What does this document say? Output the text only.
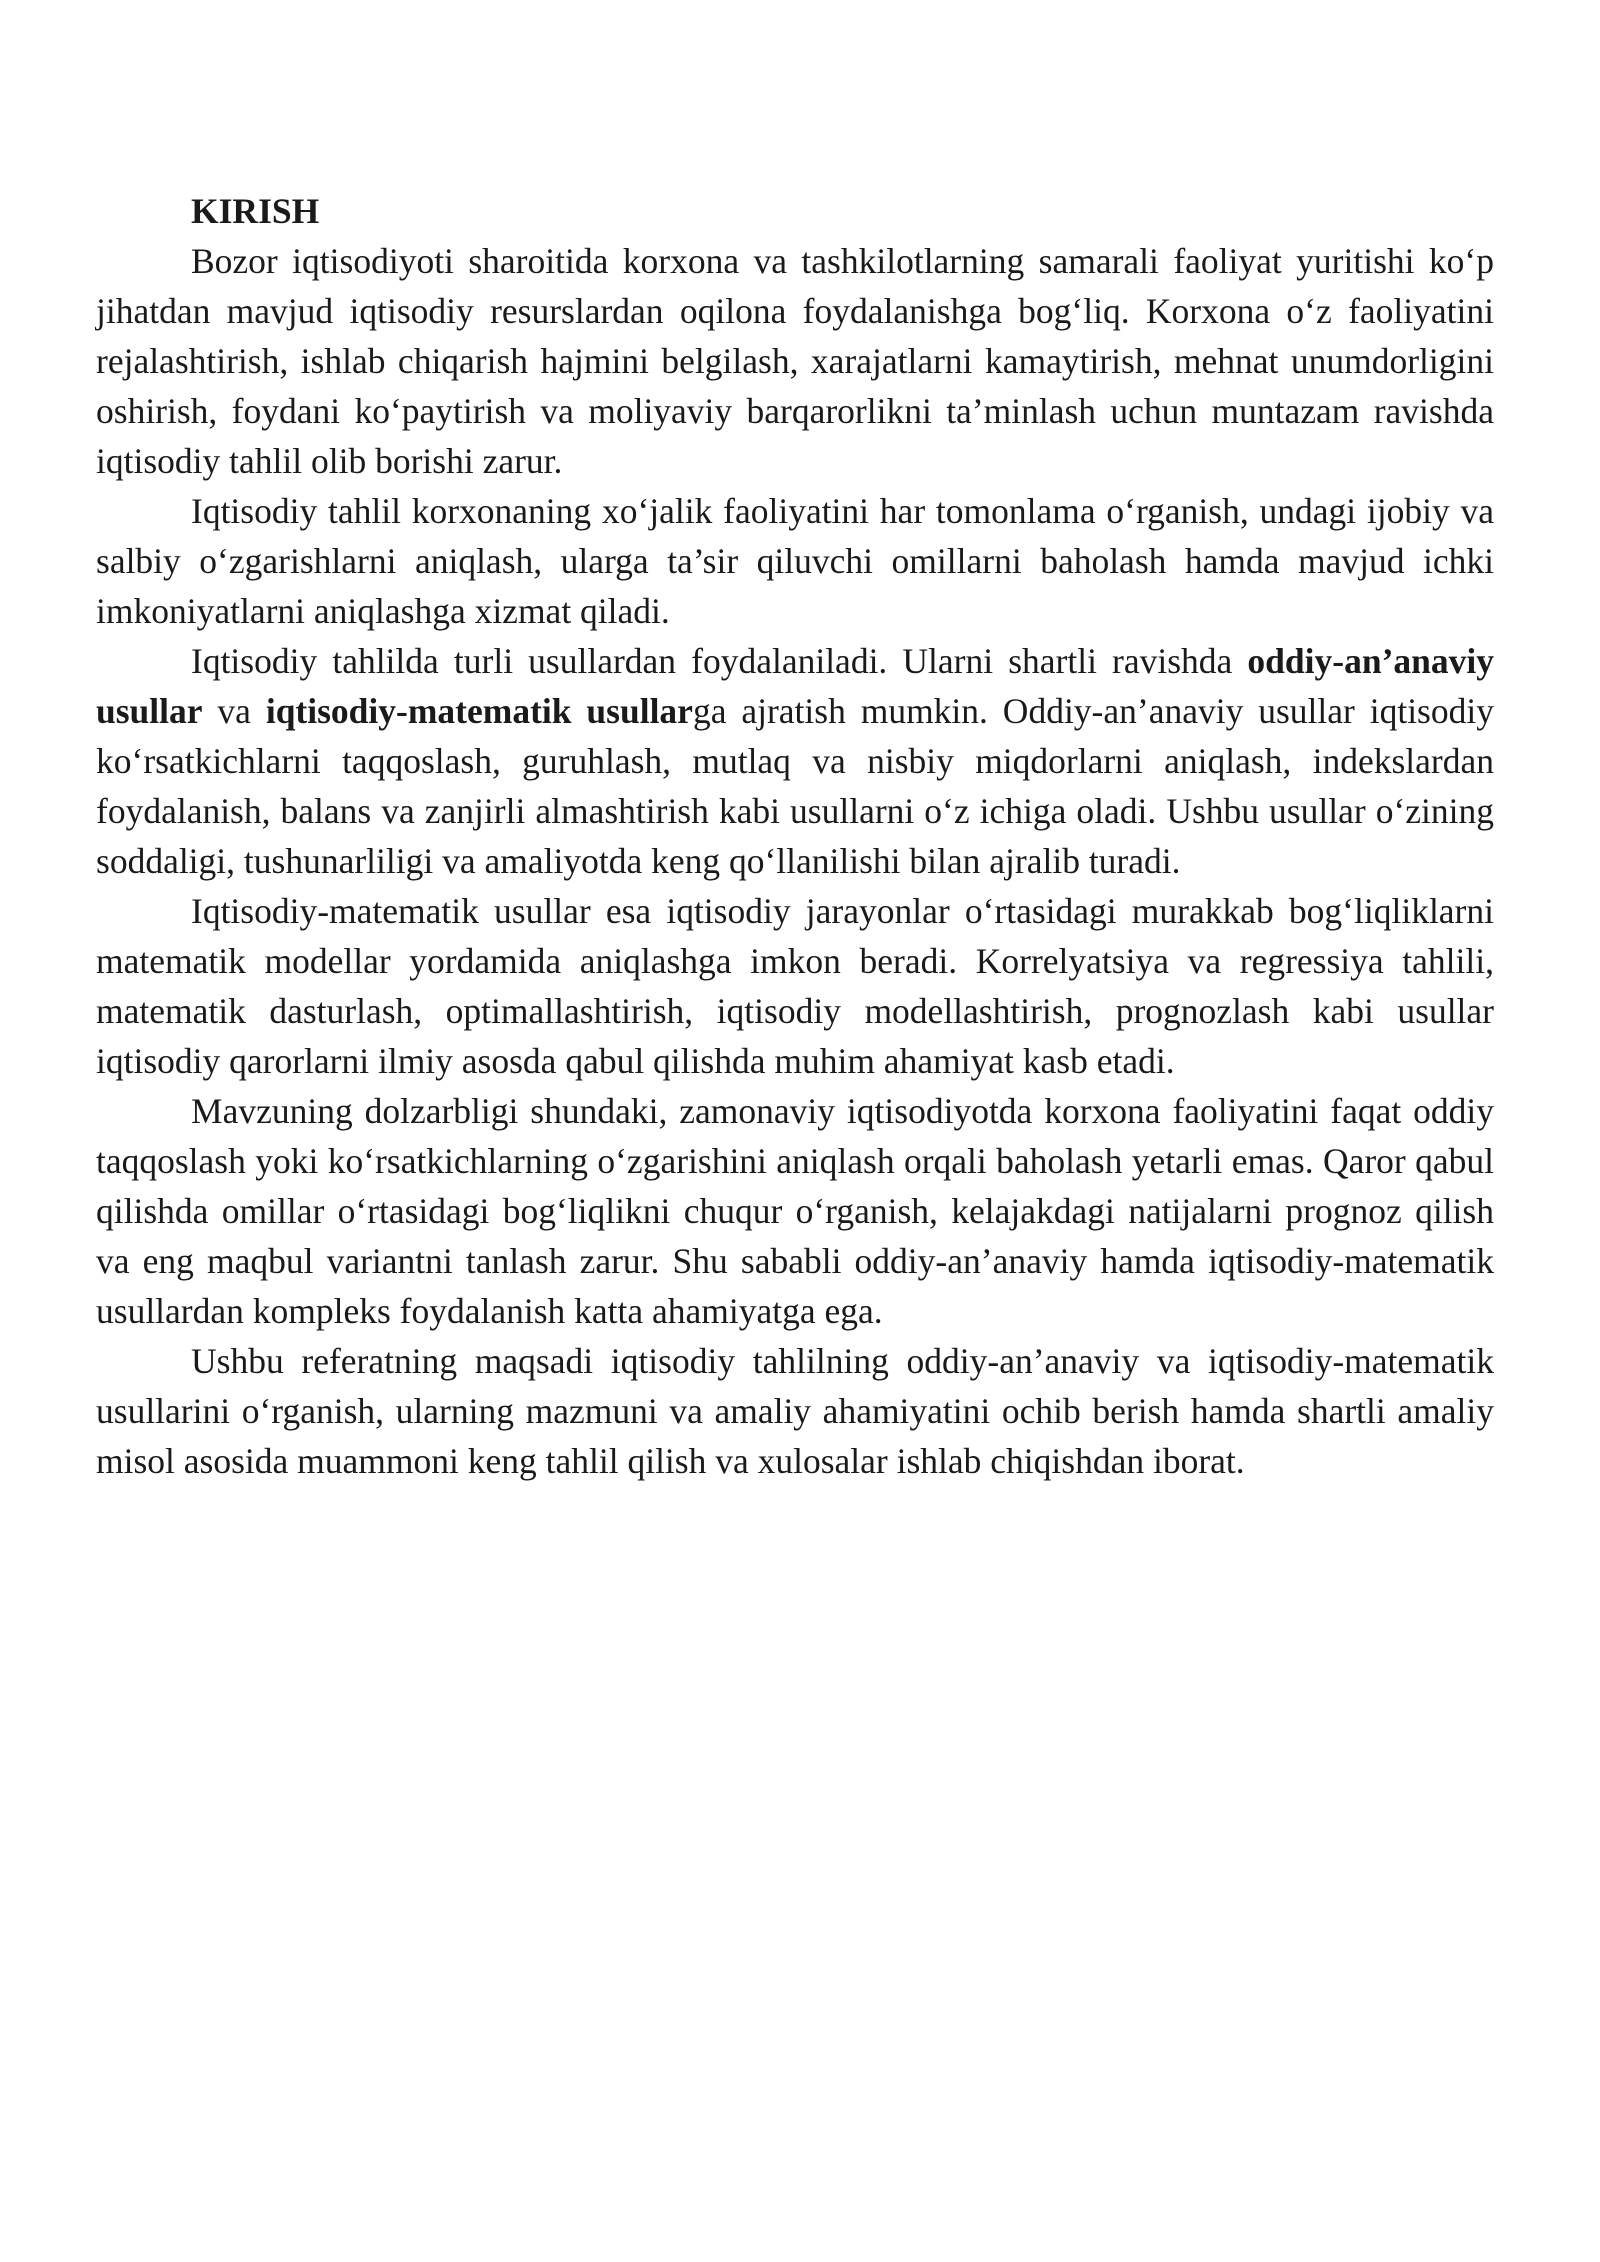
KIRISH

Bozor iqtisodiyoti sharoitida korxona va tashkilotlarning samarali faoliyat yuritishi ko‘p jihatdan mavjud iqtisodiy resurslardan oqilona foydalanishga bog‘liq. Korxona o‘z faoliyatini rejalashtirish, ishlab chiqarish hajmini belgilash, xarajatlarni kamaytirish, mehnat unumdorligini oshirish, foydani ko‘paytirish va moliyaviy barqarorlikni ta’minlash uchun muntazam ravishda iqtisodiy tahlil olib borishi zarur.

Iqtisodiy tahlil korxonaning xo‘jalik faoliyatini har tomonlama o‘rganish, undagi ijobiy va salbiy o‘zgarishlarni aniqlash, ularga ta’sir qiluvchi omillarni baholash hamda mavjud ichki imkoniyatlarni aniqlashga xizmat qiladi.

Iqtisodiy tahlilda turli usullardan foydalaniladi. Ularni shartli ravishda oddiy-an’anaviy usullar va iqtisodiy-matematik usullarga ajratish mumkin. Oddiy-an’anaviy usullar iqtisodiy ko‘rsatkichlarni taqqoslash, guruhlash, mutlaq va nisbiy miqdorlarni aniqlash, indekslardan foydalanish, balans va zanjirli almashtirish kabi usullarni o‘z ichiga oladi. Ushbu usullar o‘zining soddaligi, tushunarliligi va amaliyotda keng qo‘llanilishi bilan ajralib turadi.

Iqtisodiy-matematik usullar esa iqtisodiy jarayonlar o‘rtasidagi murakkab bog‘liqliklarni matematik modellar yordamida aniqlashga imkon beradi. Korrelyatsiya va regressiya tahlili, matematik dasturlash, optimallashtirish, iqtisodiy modellashtirish, prognozlash kabi usullar iqtisodiy qarorlarni ilmiy asosda qabul qilishda muhim ahamiyat kasb etadi.

Mavzuning dolzarbligi shundaki, zamonaviy iqtisodiyotda korxona faoliyatini faqat oddiy taqqoslash yoki ko‘rsatkichlarning o‘zgarishini aniqlash orqali baholash yetarli emas. Qaror qabul qilishda omillar o‘rtasidagi bog‘liqlikni chuqur o‘rganish, kelajakdagi natijalarni prognoz qilish va eng maqbul variantni tanlash zarur. Shu sababli oddiy-an’anaviy hamda iqtisodiy-matematik usullardan kompleks foydalanish katta ahamiyatga ega.

Ushbu referatning maqsadi iqtisodiy tahlilning oddiy-an’anaviy va iqtisodiy-matematik usullarini o‘rganish, ularning mazmuni va amaliy ahamiyatini ochib berish hamda shartli amaliy misol asosida muammoni keng tahlil qilish va xulosalar ishlab chiqishdan iborat.
